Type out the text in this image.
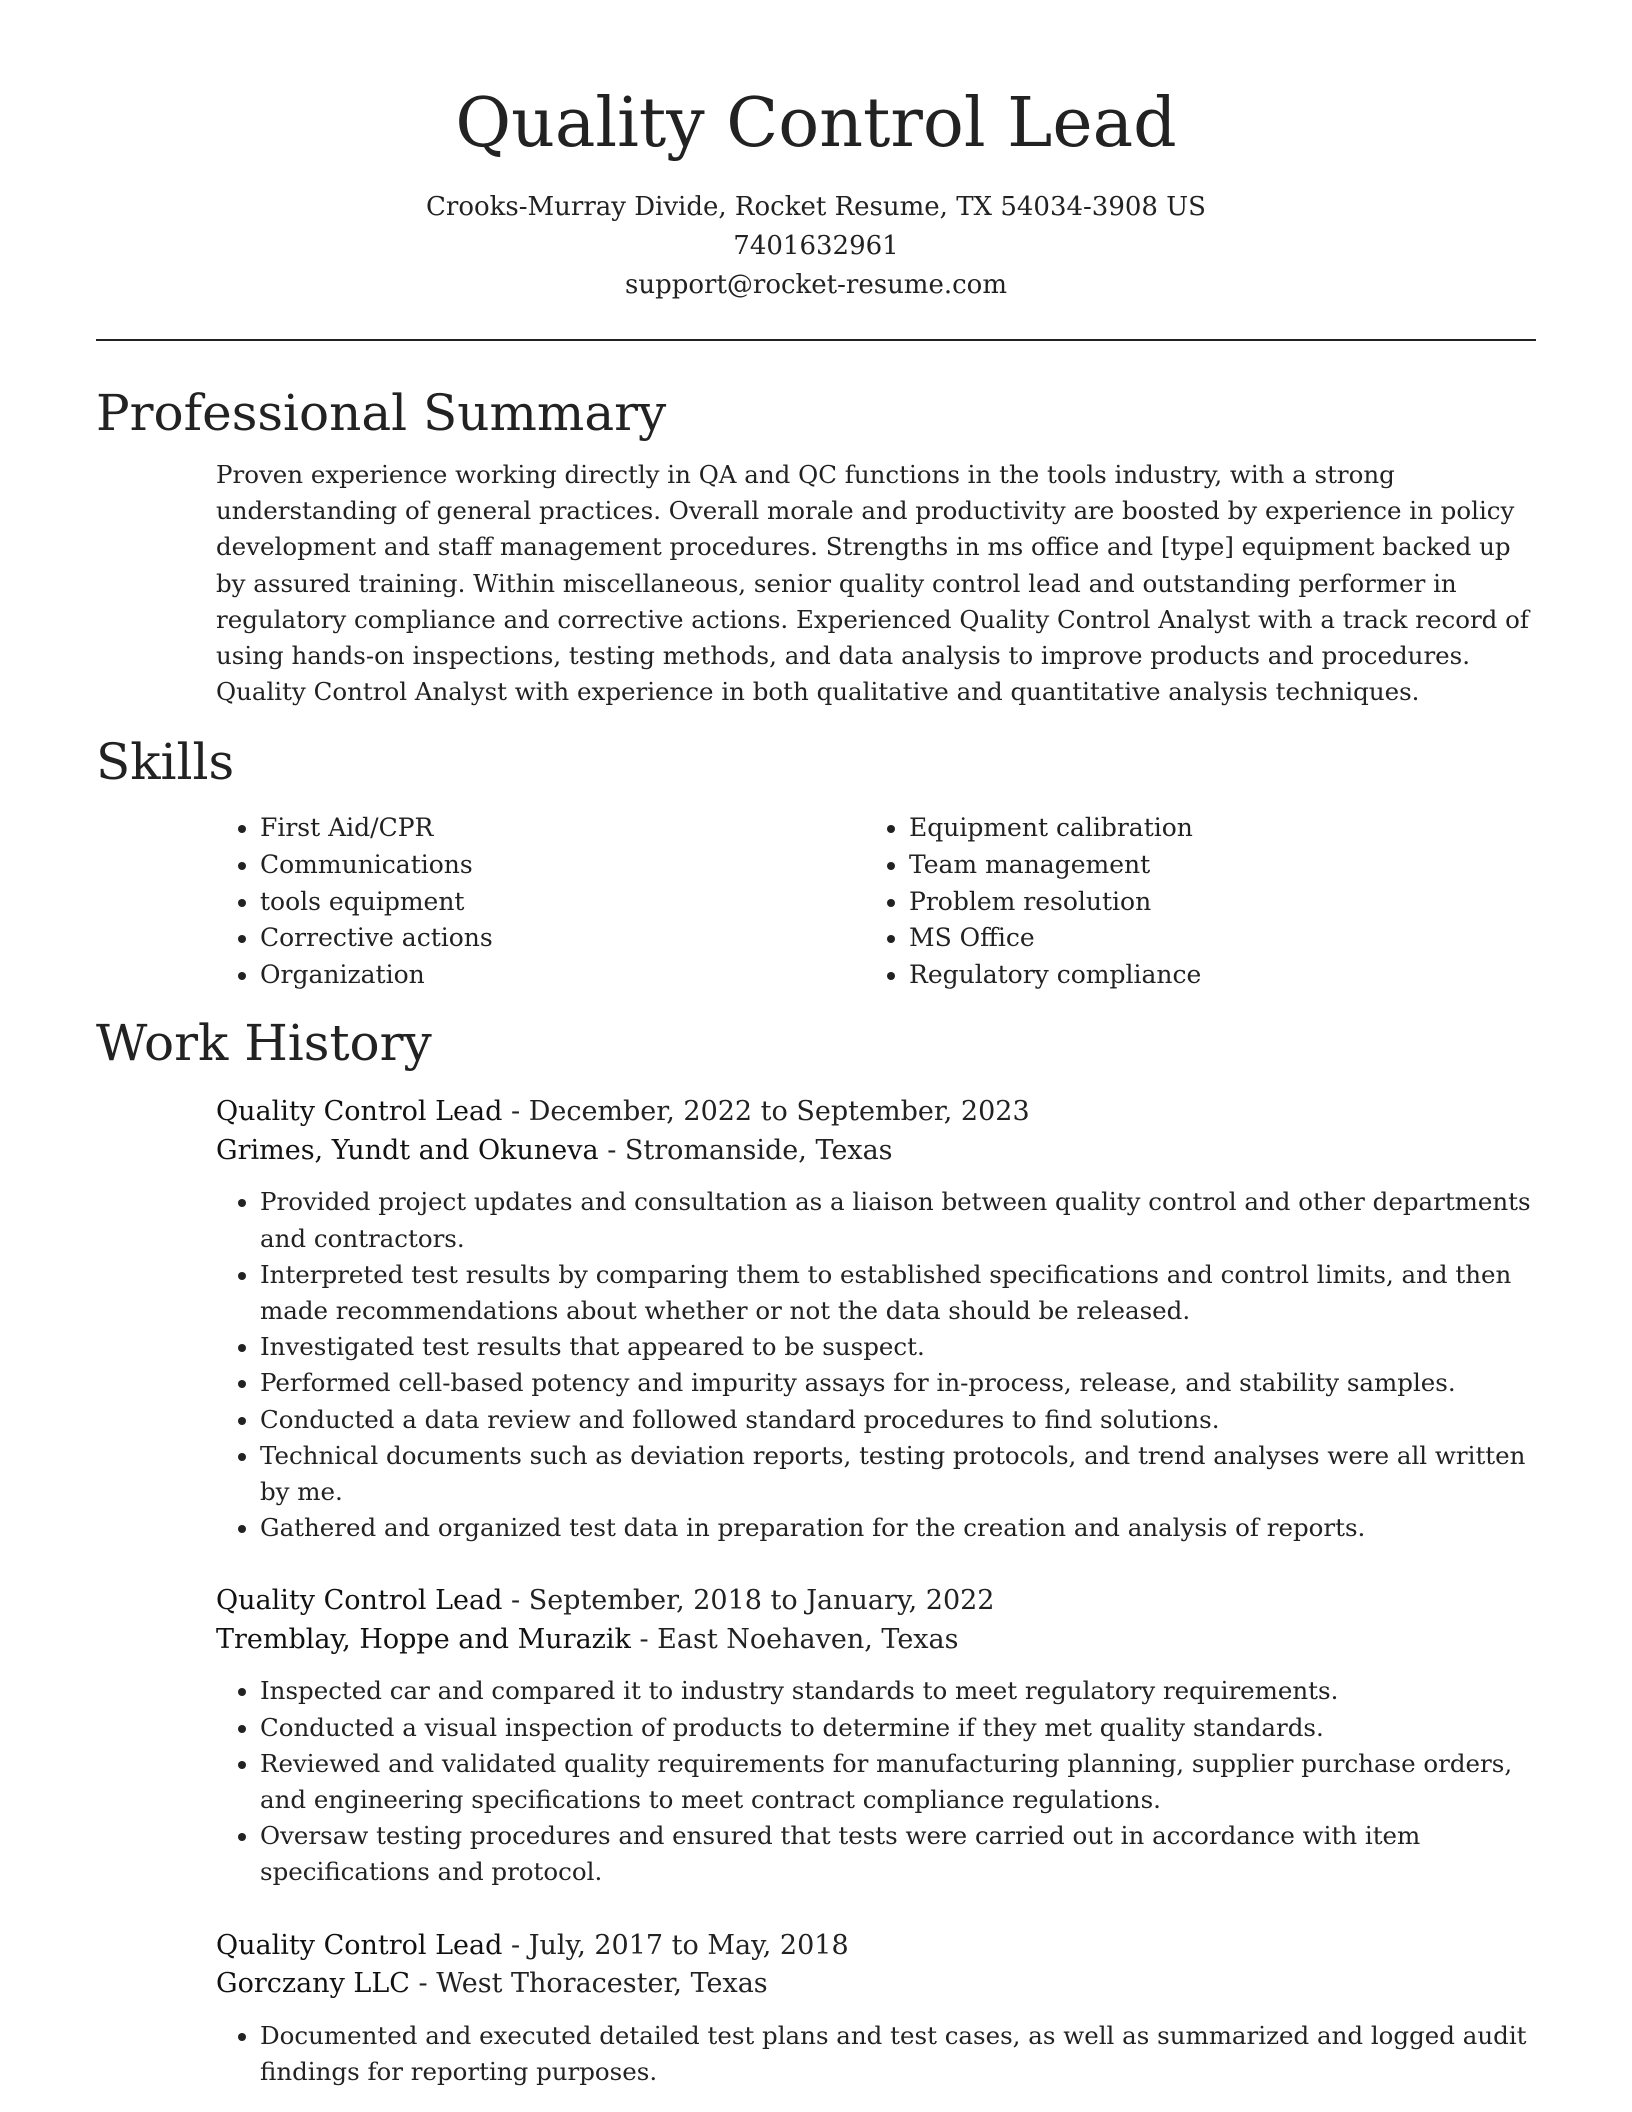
Quality Control Lead
Crooks-Murray Divide, Rocket Resume, TX 54034-3908 US
7401632961
support@rocket-resume.com
Professional Summary

Proven experience working directly in QA and QC functions in the tools industry, with a strong understanding of general practices. Overall morale and productivity are boosted by experience in policy development and staff management procedures. Strengths in ms office and [type] equipment backed up by assured training. Within miscellaneous, senior quality control lead and outstanding performer in regulatory compliance and corrective actions. Experienced Quality Control Analyst with a track record of using hands-on inspections, testing methods, and data analysis to improve products and procedures. Quality Control Analyst with experience in both qualitative and quantitative analysis techniques.

Skills
• First Aid/CPR
• Communications
• tools equipment
• Corrective actions
• Organization
• Equipment calibration
• Team management
• Problem resolution
• MS Office
• Regulatory compliance
Work History
Quality Control Lead - December, 2022 to September, 2023
Grimes, Yundt and Okuneva - Stromanside, Texas
• Provided project updates and consultation as a liaison between quality control and other departments and contractors.
• Interpreted test results by comparing them to established specifications and control limits, and then made recommendations about whether or not the data should be released.
• Investigated test results that appeared to be suspect.
• Performed cell-based potency and impurity assays for in-process, release, and stability samples.
• Conducted a data review and followed standard procedures to find solutions.
• Technical documents such as deviation reports, testing protocols, and trend analyses were all written by me.
• Gathered and organized test data in preparation for the creation and analysis of reports.
Quality Control Lead - September, 2018 to January, 2022
Tremblay, Hoppe and Murazik - East Noehaven, Texas
• Inspected car and compared it to industry standards to meet regulatory requirements.
• Conducted a visual inspection of products to determine if they met quality standards.
• Reviewed and validated quality requirements for manufacturing planning, supplier purchase orders, and engineering specifications to meet contract compliance regulations.
• Oversaw testing procedures and ensured that tests were carried out in accordance with item specifications and protocol.
Quality Control Lead - July, 2017 to May, 2018
Gorczany LLC - West Thoracester, Texas
• Documented and executed detailed test plans and test cases, as well as summarized and logged audit findings for reporting purposes.
